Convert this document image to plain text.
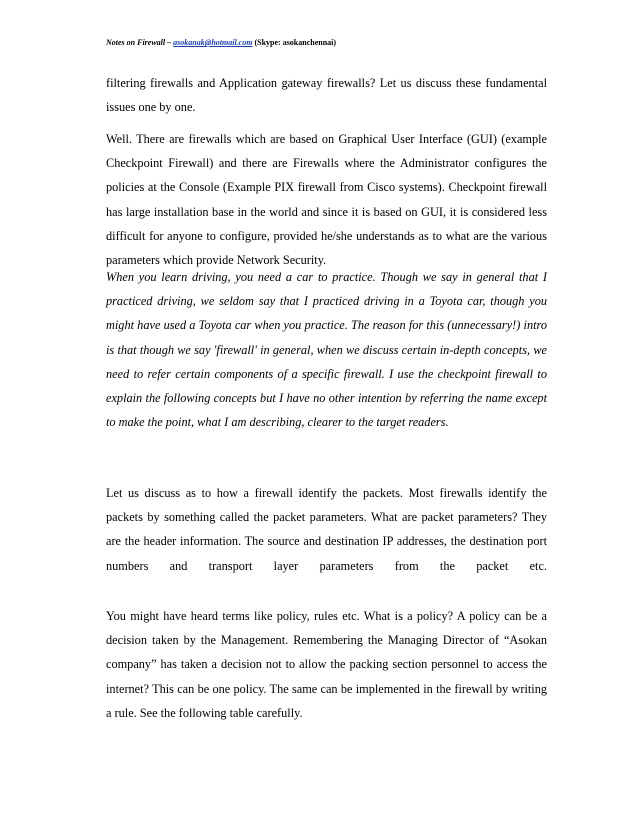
Notes on Firewall – asokanak@hotmail.com (Skype: asokanchennai)

filtering firewalls and Application gateway firewalls? Let us discuss these fundamental issues one by one.

Well. There are firewalls which are based on Graphical User Interface (GUI) (example Checkpoint Firewall) and there are Firewalls where the Administrator configures the policies at the Console (Example PIX firewall from Cisco systems). Checkpoint firewall has large installation base in the world and since it is based on GUI, it is considered less difficult for anyone to configure, provided he/she understands as to what are the various parameters which provide Network Security.

When you learn driving, you need a car to practice. Though we say in general that I practiced driving, we seldom say that I practiced driving in a Toyota car, though you might have used a Toyota car when you practice. The reason for this (unnecessary!) intro is that though we say 'firewall' in general, when we discuss certain in-depth concepts, we need to refer certain components of a specific firewall. I use the checkpoint firewall to explain the following concepts but I have no other intention by referring the name except to make the point, what I am describing, clearer to the target readers.

Let us discuss as to how a firewall identify the packets. Most firewalls identify the packets by something called the packet parameters. What are packet parameters? They are the header information. The source and destination IP addresses, the destination port numbers and transport layer parameters from the packet etc.

You might have heard terms like policy, rules etc. What is a policy? A policy can be a decision taken by the Management. Remembering the Managing Director of “Asokan company” has taken a decision not to allow the packing section personnel to access the internet? This can be one policy. The same can be implemented in the firewall by writing a rule. See the following table carefully.
